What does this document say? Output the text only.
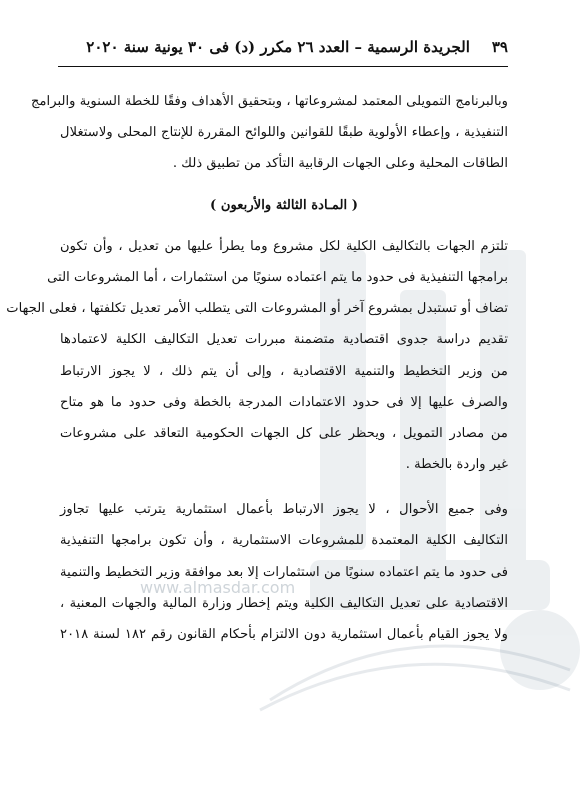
www.almasdar.com
٣٩
الجريدة الرسمية – العدد ٢٦ مكرر (د) فى ٣٠ يونية سنة ٢٠٢٠
وبالبرنامج التمويلى المعتمد لمشروعاتها ، وبتحقيق الأهداف وفقًا للخطة السنوية والبرامج
التنفيذية ، وإعطاء الأولوية طبقًا للقوانين واللوائح المقررة للإنتاج المحلى ولاستغلال
الطاقات المحلية وعلى الجهات الرقابية التأكد من تطبيق ذلك .
( المـادة الثالثة والأربعون )
تلتزم الجهات بالتكاليف الكلية لكل مشروع وما يطرأ عليها من تعديل ، وأن تكون
برامجها التنفيذية فى حدود ما يتم اعتماده سنويًا من استثمارات ، أما المشروعات التى
تضاف أو تستبدل بمشروع آخر أو المشروعات التى يتطلب الأمر تعديل تكلفتها ، فعلى الجهات
تقديم دراسة جدوى اقتصادية متضمنة مبررات تعديل التكاليف الكلية لاعتمادها
من وزير التخطيط والتنمية الاقتصادية ، وإلى أن يتم ذلك ، لا يجوز الارتباط
والصرف عليها إلا فى حدود الاعتمادات المدرجة بالخطة وفى حدود ما هو متاح
من مصادر التمويل ، ويحظر على كل الجهات الحكومية التعاقد على مشروعات
غير واردة بالخطة .
وفى جميع الأحوال ، لا يجوز الارتباط بأعمال استثمارية يترتب عليها تجاوز
التكاليف الكلية المعتمدة للمشروعات الاستثمارية ، وأن تكون برامجها التنفيذية
فى حدود ما يتم اعتماده سنويًا من استثمارات إلا بعد موافقة وزير التخطيط والتنمية
الاقتصادية على تعديل التكاليف الكلية ويتم إخطار وزارة المالية والجهات المعنية ،
ولا يجوز القيام بأعمال استثمارية دون الالتزام بأحكام القانون رقم ١٨٢ لسنة ٢٠١٨
